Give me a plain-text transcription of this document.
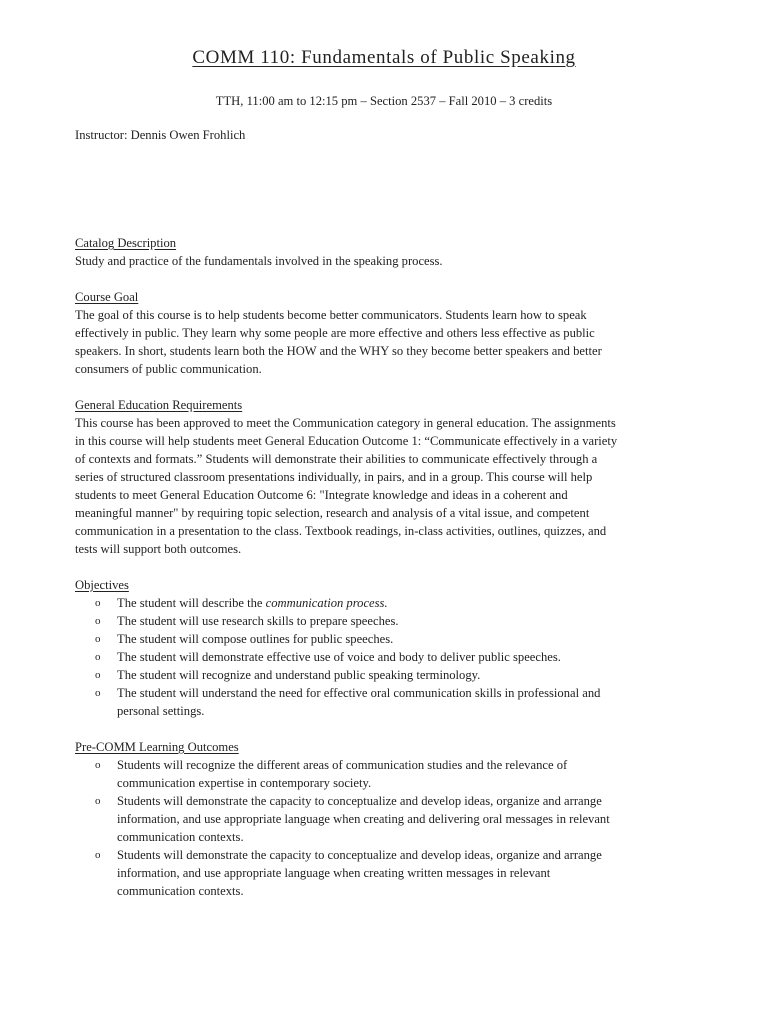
COMM 110: Fundamentals of Public Speaking
TTH, 11:00 am to 12:15 pm – Section 2537 – Fall 2010 – 3 credits
Instructor: Dennis Owen Frohlich
Catalog Description
Study and practice of the fundamentals involved in the speaking process.
Course Goal
The goal of this course is to help students become better communicators. Students learn how to speak
effectively in public. They learn why some people are more effective and others less effective as public
speakers. In short, students learn both the HOW and the WHY so they become better speakers and better
consumers of public communication.
General Education Requirements
This course has been approved to meet the Communication category in general education. The assignments
in this course will help students meet General Education Outcome 1: “Communicate effectively in a variety
of contexts and formats.” Students will demonstrate their abilities to communicate effectively through a
series of structured classroom presentations individually, in pairs, and in a group. This course will help
students to meet General Education Outcome 6: "Integrate knowledge and ideas in a coherent and
meaningful manner" by requiring topic selection, research and analysis of a vital issue, and competent
communication in a presentation to the class. Textbook readings, in-class activities, outlines, quizzes, and
tests will support both outcomes.
Objectives
o The student will describe the communication process.
o The student will use research skills to prepare speeches.
o The student will compose outlines for public speeches.
o The student will demonstrate effective use of voice and body to deliver public speeches.
o The student will recognize and understand public speaking terminology.
o The student will understand the need for effective oral communication skills in professional and
personal settings.
Pre-COMM Learning Outcomes
o Students will recognize the different areas of communication studies and the relevance of
communication expertise in contemporary society.
o Students will demonstrate the capacity to conceptualize and develop ideas, organize and arrange
information, and use appropriate language when creating and delivering oral messages in relevant
communication contexts.
o Students will demonstrate the capacity to conceptualize and develop ideas, organize and arrange
information, and use appropriate language when creating written messages in relevant
communication contexts.
